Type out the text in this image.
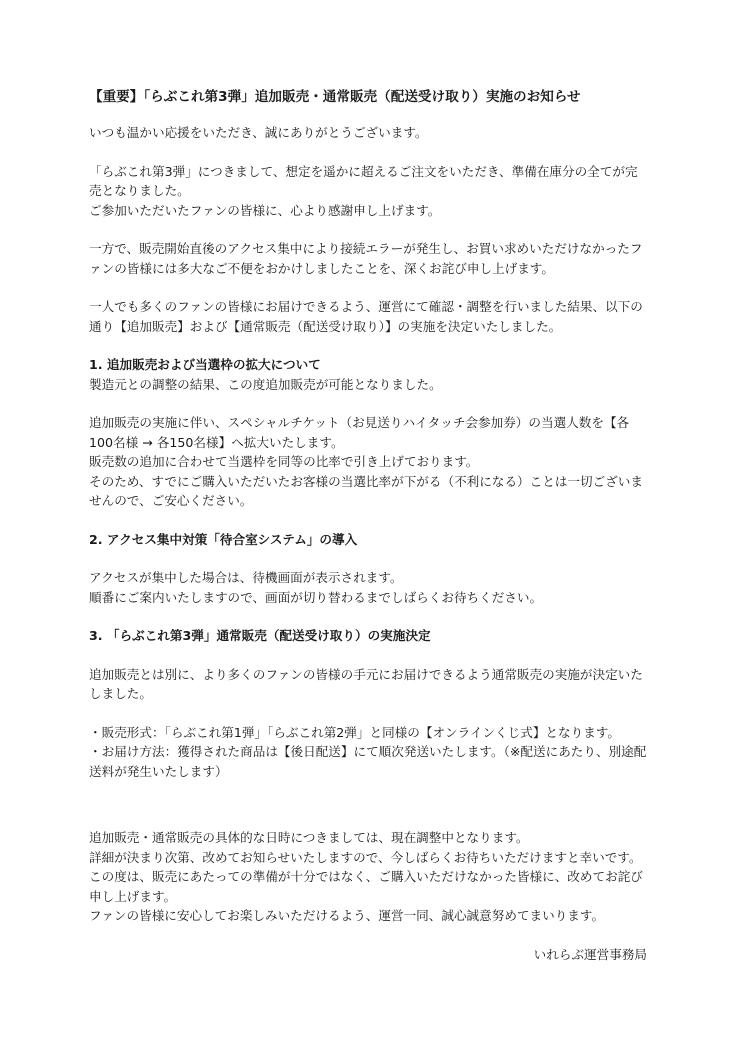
【重要】「らぶこれ第3弾」追加販売・通常販売（配送受け取り）実施のお知らせ

いつも温かい応援をいただき、誠にありがとうございます。

「らぶこれ第3弾」につきまして、想定を遥かに超えるご注文をいただき、準備在庫分の全てが完売となりました。

ご参加いただいたファンの皆様に、心より感謝申し上げます。

一方で、販売開始直後のアクセス集中により接続エラーが発生し、お買い求めいただけなかったファンの皆様には多大なご不便をおかけしましたことを、深くお詫び申し上げます。

一人でも多くのファンの皆様にお届けできるよう、運営にて確認・調整を行いました結果、以下の通り【追加販売】および【通常販売（配送受け取り）】の実施を決定いたしました。

1. 追加販売および当選枠の拡大について

製造元との調整の結果、この度追加販売が可能となりました。

追加販売の実施に伴い、スペシャルチケット（お見送りハイタッチ会参加券）の当選人数を【各100名様 → 各150名様】へ拡大いたします。

販売数の追加に合わせて当選枠を同等の比率で引き上げております。

そのため、すでにご購入いただいたお客様の当選比率が下がる（不利になる）ことは一切ございませんので、ご安心ください。

2. アクセス集中対策「待合室システム」の導入

アクセスが集中した場合は、待機画面が表示されます。

順番にご案内いたしますので、画面が切り替わるまでしばらくお待ちください。

3. 「らぶこれ第3弾」通常販売（配送受け取り）の実施決定

追加販売とは別に、より多くのファンの皆様の手元にお届けできるよう通常販売の実施が決定いたしました。

・販売形式：「らぶこれ第1弾」「らぶこれ第2弾」と同様の【オンラインくじ式】となります。

・お届け方法：獲得された商品は【後日配送】にて順次発送いたします。（※配送にあたり、別途配送料が発生いたします）

追加販売・通常販売の具体的な日時につきましては、現在調整中となります。

詳細が決まり次第、改めてお知らせいたしますので、今しばらくお待ちいただけますと幸いです。

この度は、販売にあたっての準備が十分ではなく、ご購入いただけなかった皆様に、改めてお詫び申し上げます。

ファンの皆様に安心してお楽しみいただけるよう、運営一同、誠心誠意努めてまいります。

いれらぶ運営事務局
